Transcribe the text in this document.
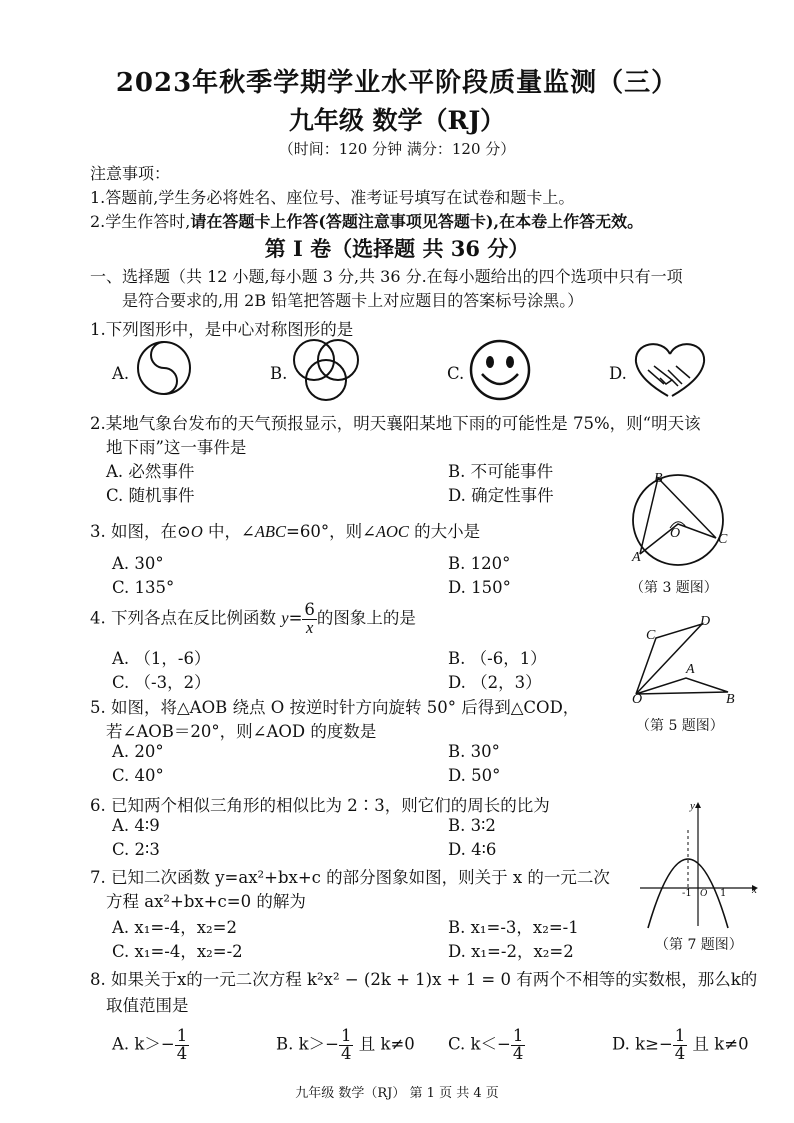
2023年秋季学期学业水平阶段质量监测（三）
九年级 数学（RJ）
（时间：120 分钟 满分：120 分）
注意事项：
1.答题前,学生务必将姓名、座位号、准考证号填写在试卷和题卡上。
2.学生作答时,请在答题卡上作答(答题注意事项见答题卡),在本卷上作答无效。
第 I 卷（选择题 共 36 分）
一、选择题（共 12 小题,每小题 3 分,共 36 分.在每小题给出的四个选项中只有一项
是符合要求的,用 2B 铅笔把答题卡上对应题目的答案标号涂黑。）
1.下列图形中，是中心对称图形的是
A.	B.	C.	D.
2.某地气象台发布的天气预报显示，明天襄阳某地下雨的可能性是 75%，则“明天该
地下雨”这一事件是
A. 必然事件	B. 不可能事件
C. 随机事件	D. 确定性事件
B
O	C
A
（第 3 题图）
3. 如图，在⊙O 中，∠ABC=60°，则∠AOC 的大小是
A. 30°	B. 120°
C. 135°	D. 150°
4. 下列各点在反比例函数 $y= \frac{6}{x}$ 的图象上的是
A. （1，-6）	B. （-6，1）
C. （-3，2）	D. （2，3）
C
D
A
O	B
（第 5 题图）
5. 如图，将△AOB 绕点 O 按逆时针方向旋转 50° 后得到△COD，
若∠AOB＝20°，则∠AOD 的度数是
A. 20°	B. 30°
C. 40°	D. 50°
6. 已知两个相似三角形的相似比为 2∶3，则它们的周长的比为
A. 4∶9	B. 3∶2
C. 2∶3	D. 4∶6
y
x
-1 O 1
（第 7 题图）
7. 已知二次函数 y=ax²+bx+c 的部分图象如图，则关于 x 的一元二次
方程 ax²+bx+c=0 的解为
A. x₁=-4，x₂=2	B. x₁=-3，x₂=-1
C. x₁=-4，x₂=-2	D. x₁=-2，x₂=2
8. 如果关于x的一元二次方程 k²x² − (2k + 1)x + 1 = 0 有两个不相等的实数根，那么k的
取值范围是
A. $k>- \frac{1}{4}$	B. $k>- \frac{1}{4}$ 且 k≠0 C. $k<- \frac{1}{4}$	D. $k\ge- \frac{1}{4}$ 且 k≠0
九年级 数学（RJ） 第 1 页 共 4 页
